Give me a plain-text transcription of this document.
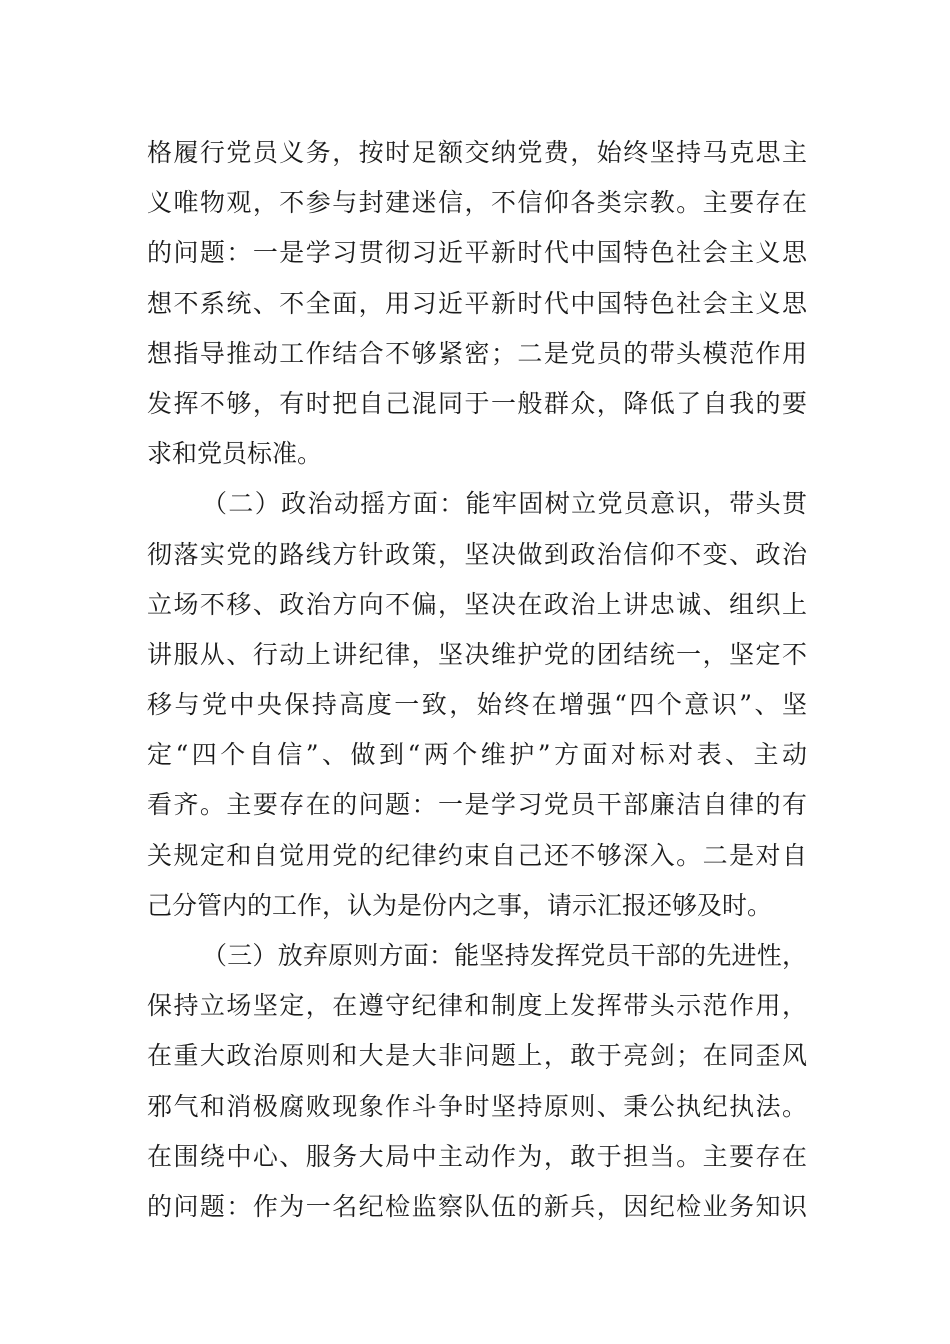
格履行党员义务，按时足额交纳党费，始终坚持马克思主
义唯物观，不参与封建迷信，不信仰各类宗教。主要存在
的问题：一是学习贯彻习近平新时代中国特色社会主义思
想不系统、不全面，用习近平新时代中国特色社会主义思
想指导推动工作结合不够紧密；二是党员的带头模范作用
发挥不够，有时把自己混同于一般群众，降低了自我的要
求和党员标准。
（二）政治动摇方面：能牢固树立党员意识，带头贯
彻落实党的路线方针政策，坚决做到政治信仰不变、政治
立场不移、政治方向不偏，坚决在政治上讲忠诚、组织上
讲服从、行动上讲纪律，坚决维护党的团结统一，坚定不
移与党中央保持高度一致，始终在增强“四个意识”、坚
定“四个自信”、做到“两个维护”方面对标对表、主动
看齐。主要存在的问题：一是学习党员干部廉洁自律的有
关规定和自觉用党的纪律约束自己还不够深入。二是对自
己分管内的工作，认为是份内之事，请示汇报还够及时。
（三）放弃原则方面：能坚持发挥党员干部的先进性，
保持立场坚定，在遵守纪律和制度上发挥带头示范作用，
在重大政治原则和大是大非问题上，敢于亮剑；在同歪风
邪气和消极腐败现象作斗争时坚持原则、秉公执纪执法。
在围绕中心、服务大局中主动作为，敢于担当。主要存在
的问题：作为一名纪检监察队伍的新兵，因纪检业务知识
